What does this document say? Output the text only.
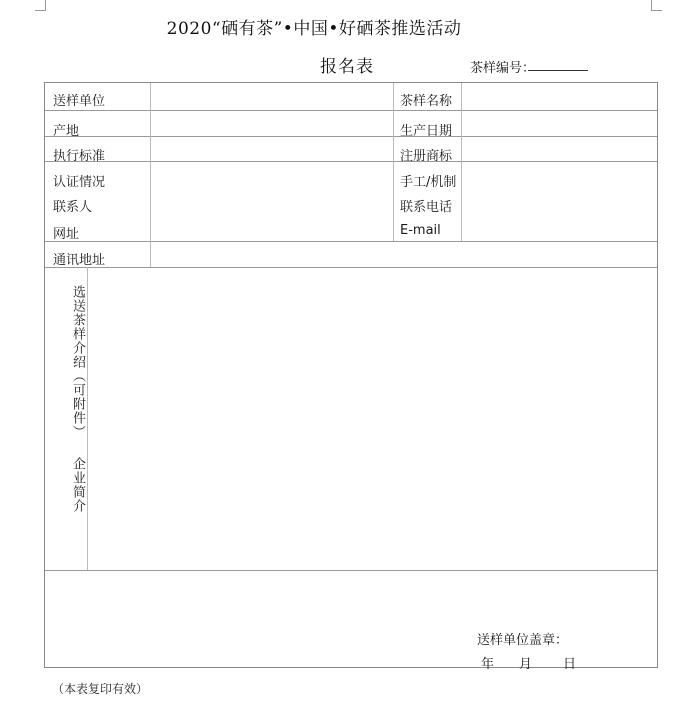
2020“硒有茶”•中国•好硒茶推选活动
报名表	茶样编号：
送样单位	茶样名称
产地	生产日期
执行标准	注册商标
认证情况	手工/机制
联系人	联系电话
网址	E-mail
通讯地址
选送茶样介绍（可附件）
企业简介
送样单位盖章：
年 月 日
（本表复印有效）
